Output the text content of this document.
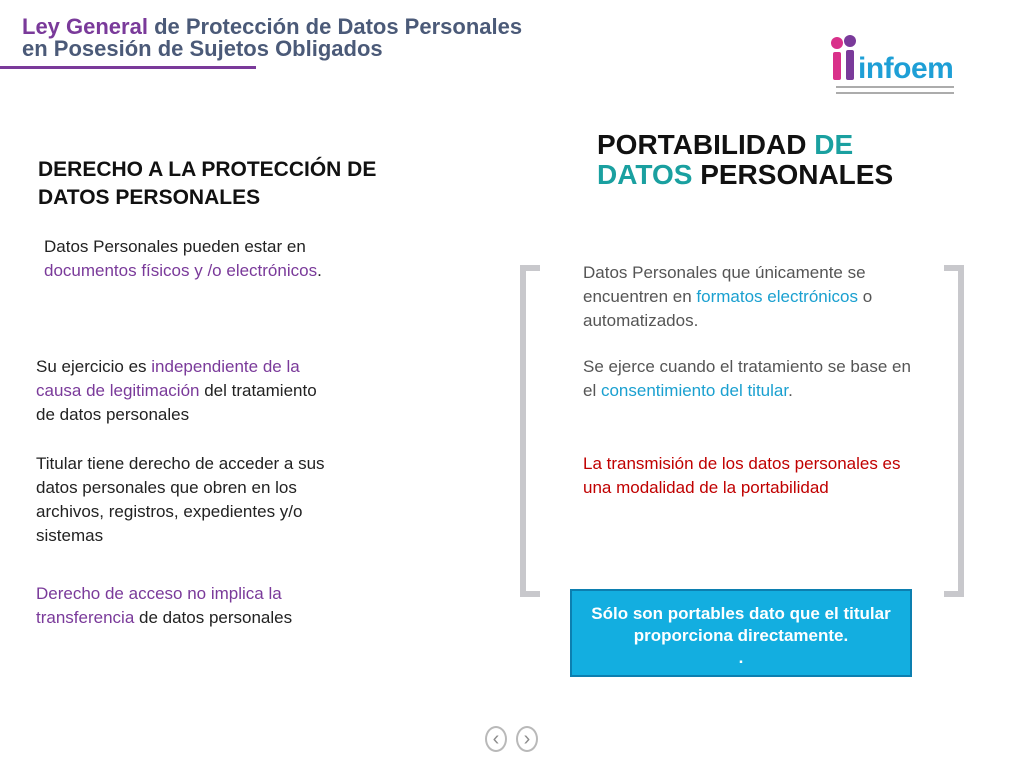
Ley General de Protección de Datos Personales
en Posesión de Sujetos Obligados
infoem
DERECHO A LA PROTECCIÓN DE DATOS PERSONALES
PORTABILIDAD DE
DATOS PERSONALES
Datos Personales pueden estar en documentos físicos y /o electrónicos.
Su ejercicio es independiente de la causa de legitimación del tratamiento de datos personales
Titular tiene derecho de acceder a sus datos personales que obren en los archivos, registros, expedientes y/o sistemas
Derecho de acceso no implica la transferencia de datos personales
Datos Personales que únicamente se encuentren en formatos electrónicos o automatizados.
Se ejerce cuando el tratamiento se base en el consentimiento del titular.
La transmisión de los datos personales es una modalidad de la portabilidad
Sólo son portables dato que el titular proporciona directamente.
.
‹ ›
